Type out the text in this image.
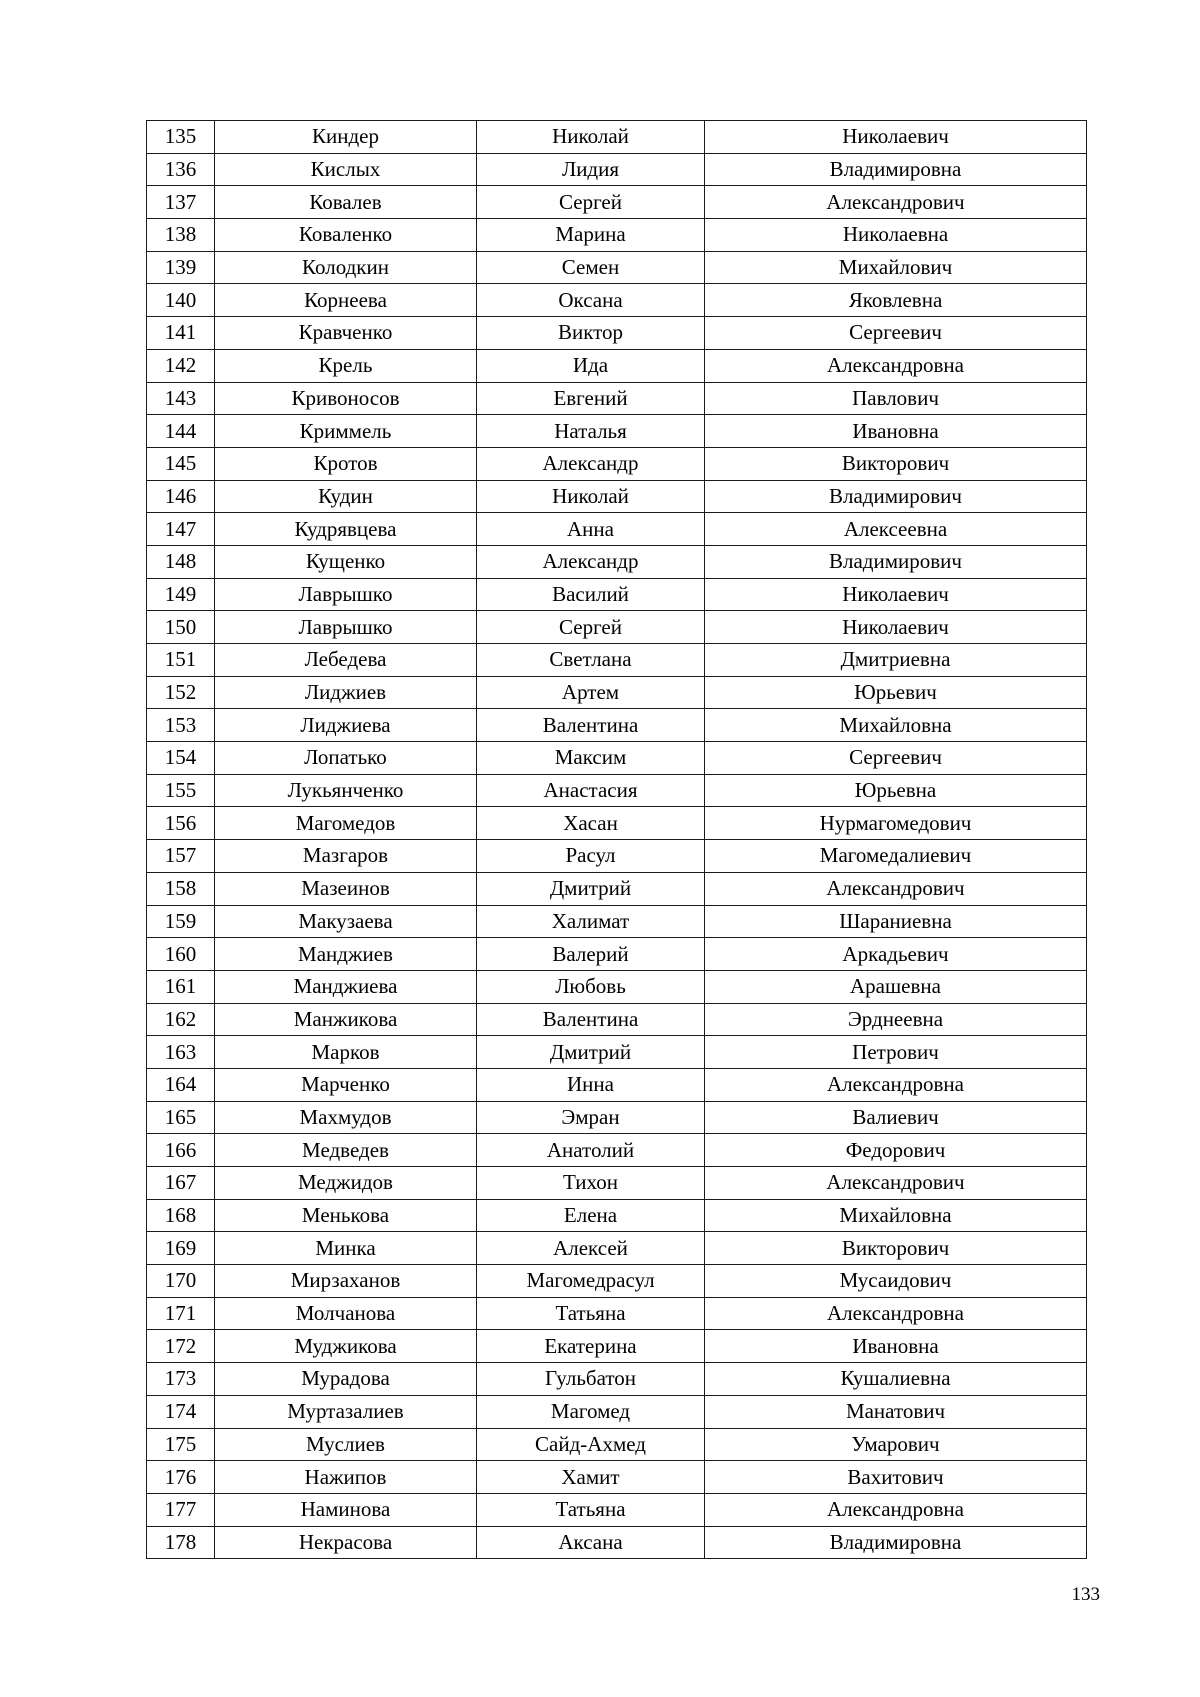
135	Киндер	Николай	Николаевич
136	Кислых	Лидия	Владимировна
137	Ковалев	Сергей	Александрович
138	Коваленко	Марина	Николаевна
139	Колодкин	Семен	Михайлович
140	Корнеева	Оксана	Яковлевна
141	Кравченко	Виктор	Сергеевич
142	Крель	Ида	Александровна
143	Кривоносов	Евгений	Павлович
144	Криммель	Наталья	Ивановна
145	Кротов	Александр	Викторович
146	Кудин	Николай	Владимирович
147	Кудрявцева	Анна	Алексеевна
148	Кущенко	Александр	Владимирович
149	Лаврышко	Василий	Николаевич
150	Лаврышко	Сергей	Николаевич
151	Лебедева	Светлана	Дмитриевна
152	Лиджиев	Артем	Юрьевич
153	Лиджиева	Валентина	Михайловна
154	Лопатько	Максим	Сергеевич
155	Лукьянченко	Анастасия	Юрьевна
156	Магомедов	Хасан	Нурмагомедович
157	Мазгаров	Расул	Магомедалиевич
158	Мазеинов	Дмитрий	Александрович
159	Макузаева	Халимат	Шараниевна
160	Манджиев	Валерий	Аркадьевич
161	Манджиева	Любовь	Арашевна
162	Манжикова	Валентина	Эрднеевна
163	Марков	Дмитрий	Петрович
164	Марченко	Инна	Александровна
165	Махмудов	Эмран	Валиевич
166	Медведев	Анатолий	Федорович
167	Меджидов	Тихон	Александрович
168	Менькова	Елена	Михайловна
169	Минка	Алексей	Викторович
170	Мирзаханов	Магомедрасул	Мусаидович
171	Молчанова	Татьяна	Александровна
172	Муджикова	Екатерина	Ивановна
173	Мурадова	Гульбатон	Кушалиевна
174	Муртазалиев	Магомед	Манатович
175	Муслиев	Сайд-Ахмед	Умарович
176	Нажипов	Хамит	Вахитович
177	Наминова	Татьяна	Александровна
178	Некрасова	Аксана	Владимировна
133
